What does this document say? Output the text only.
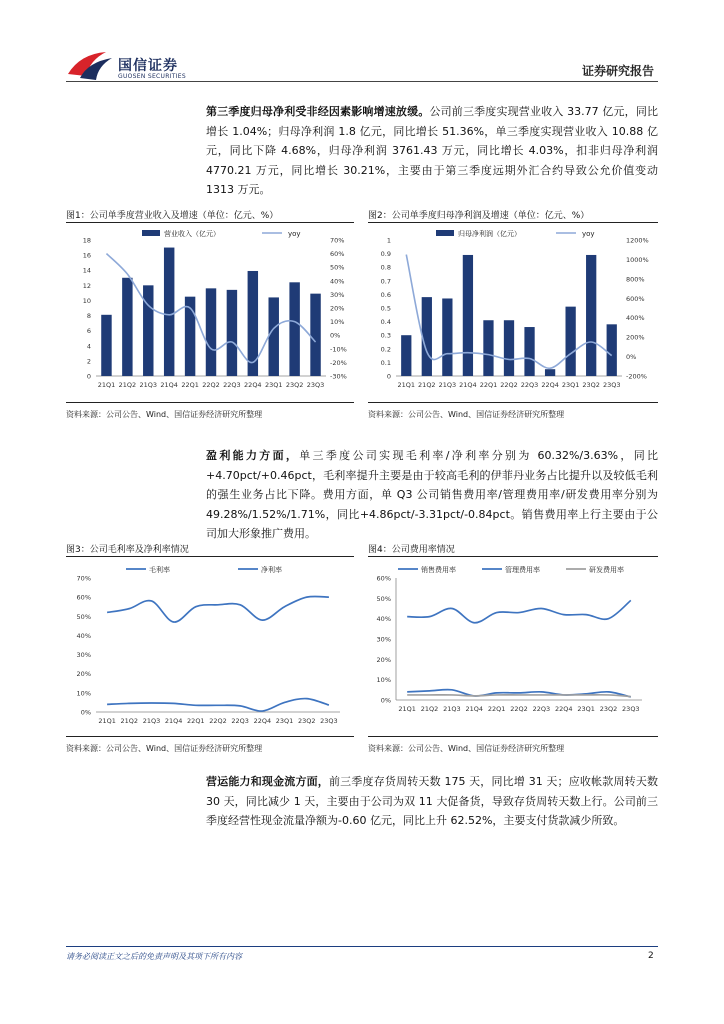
国信证券
GUOSEN SECURITIES	证券研究报告
第三季度归母净利受非经因素影响增速放缓。公司前三季度实现营业收入 33.77 亿元，同比增长 1.04%；归母净利润 1.8 亿元，同比增长 51.36%，单三季度实现营业收入 10.88 亿元，同比下降 4.68%，归母净利润 3761.43 万元，同比增长 4.03%，扣非归母净利润 4770.21 万元，同比增长 30.21%，主要由于第三季度远期外汇合约导致公允价值变动 1313 万元。
图1：公司单季度营业收入及增速（单位：亿元、%）
0
2
4
6
8
10
12
14
16
18
-30%
-20%
-10%
0%
10%
20%
30%
40%
50%
60%
70%
21Q1 21Q2 21Q3 21Q4 22Q1 22Q2 22Q3 22Q4 23Q1 23Q2 23Q3
营业收入（亿元）	yoy
资料来源：公司公告、Wind、国信证券经济研究所整理
图2：公司单季度归母净利润及增速（单位：亿元、%）
0
0.1
0.2
0.3
0.4
0.5
0.6
0.7
0.8
0.9
1
-200%
0%
200%
400%
600%
800%
1000%
1200%
21Q1 21Q2 21Q3 21Q4 22Q1 22Q2 22Q3 22Q4 23Q1 23Q2 23Q3
归母净利润（亿元）	yoy
资料来源：公司公告、Wind、国信证券经济研究所整理
盈利能力方面，单三季度公司实现毛利率/净利率分别为 60.32%/3.63%，同比 +4.70pct/+0.46pct，毛利率提升主要是由于较高毛利的伊菲丹业务占比提升以及较低毛利的强生业务占比下降。费用方面，单 Q3 公司销售费用率/管理费用率/研发费用率分别为 49.28%/1.52%/1.71%，同比+4.86pct/-3.31pct/-0.84pct。销售费用率上行主要由于公司加大形象推广费用。
图3：公司毛利率及净利率情况
0%
10%
20%
30%
40%
50%
60%
70%
21Q1 21Q2 21Q3 21Q4 22Q1 22Q2 22Q3 22Q4 23Q1 23Q2 23Q3
毛利率	净利率
资料来源：公司公告、Wind、国信证券经济研究所整理
图4：公司费用率情况
0%
10%
20%
30%
40%
50%
60%
21Q1 21Q2 21Q3 21Q4 22Q1 22Q2 22Q3 22Q4 23Q1 23Q2 23Q3
销售费用率	管理费用率	研发费用率
资料来源：公司公告、Wind、国信证券经济研究所整理
营运能力和现金流方面，前三季度存货周转天数 175 天，同比增 31 天；应收帐款周转天数 30 天，同比减少 1 天，主要由于公司为双 11 大促备货，导致存货周转天数上行。公司前三季度经营性现金流量净额为-0.60 亿元，同比上升 62.52%，主要支付货款减少所致。
请务必阅读正文之后的免责声明及其项下所有内容	2
